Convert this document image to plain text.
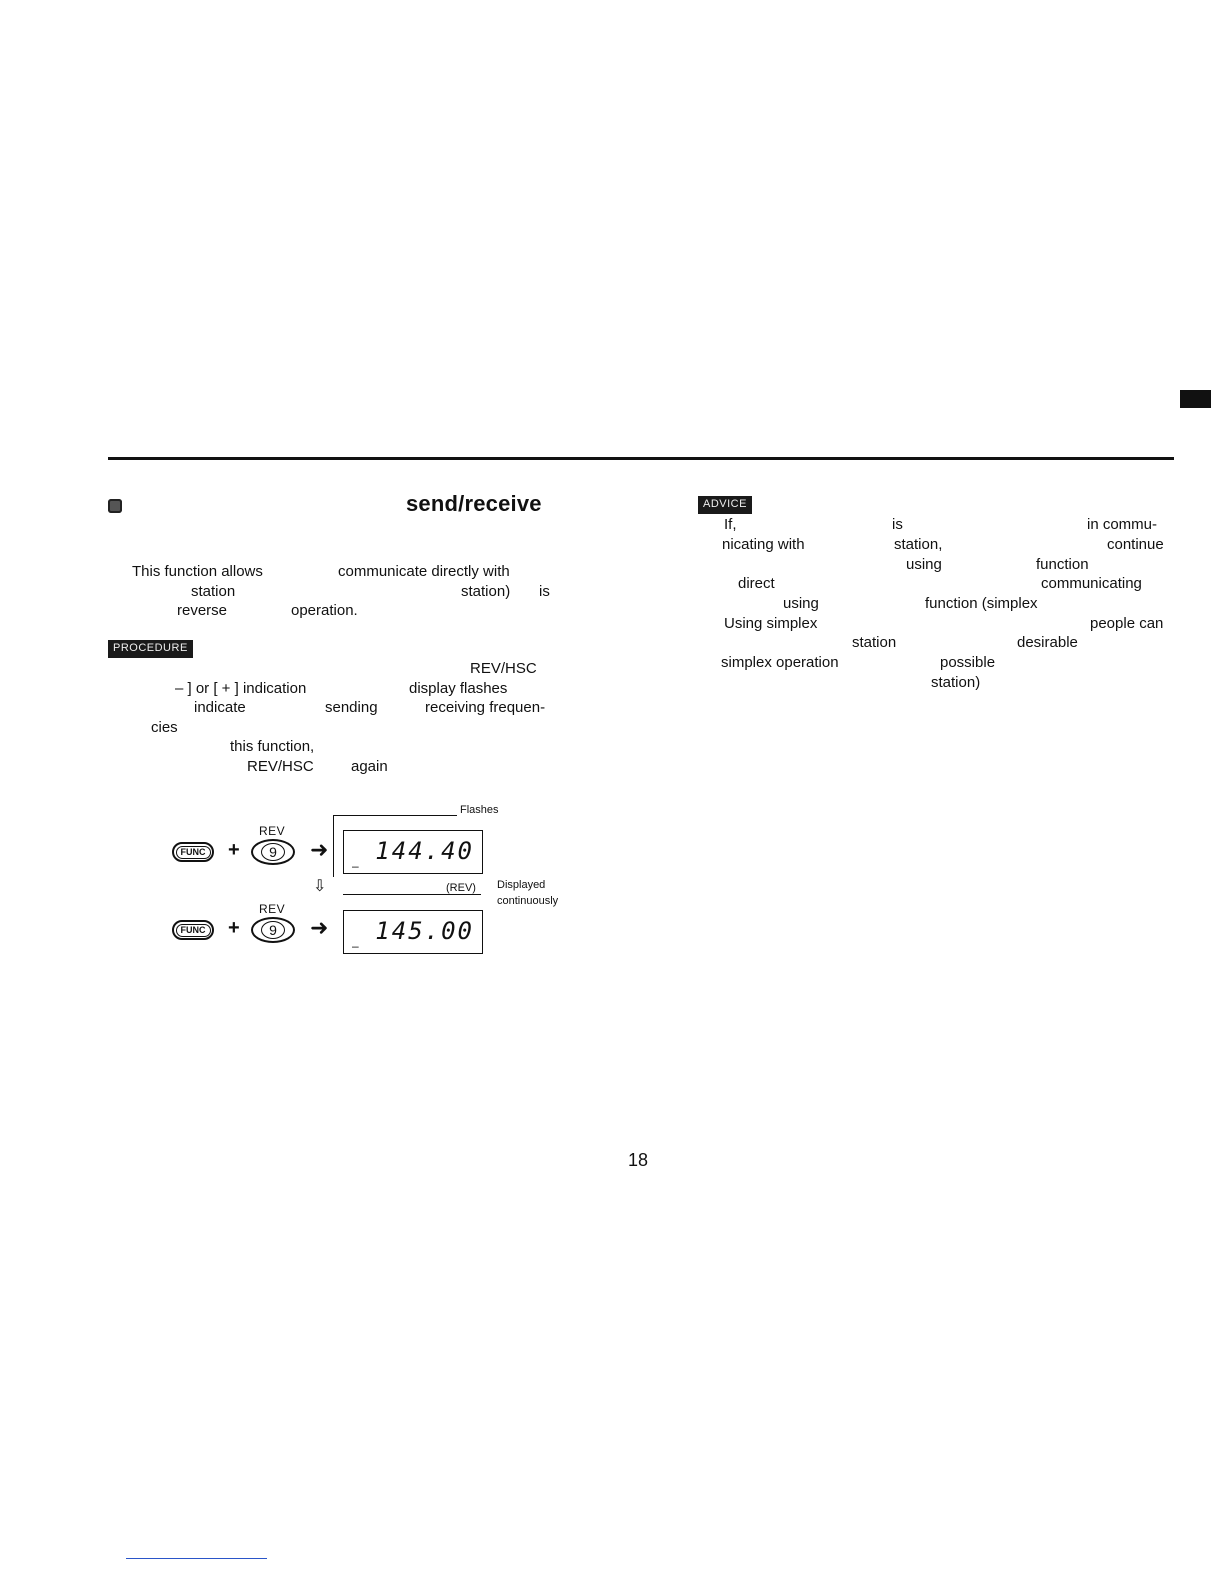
send/receive
This function allows	communicate directly with
station	station) is
reverse	operation.
PROCEDURE
REV/HSC
– ] or [ + ] indication	display flashes
indicate	sending	receiving frequen-
cies
this function,
REV/HSC again
Flashes
REV
FUNC +	9	➜ 144.40
–
⇩	(REV) Displayed
continuously
REV
FUNC +	9	➜ 145.00
–
ADVICE
If,	is	in commu-
nicating with	station,	continue
using	function
direct	communicating
using	function (simplex
Using simplex	people can
station	desirable
simplex operation	possible
station)
18
